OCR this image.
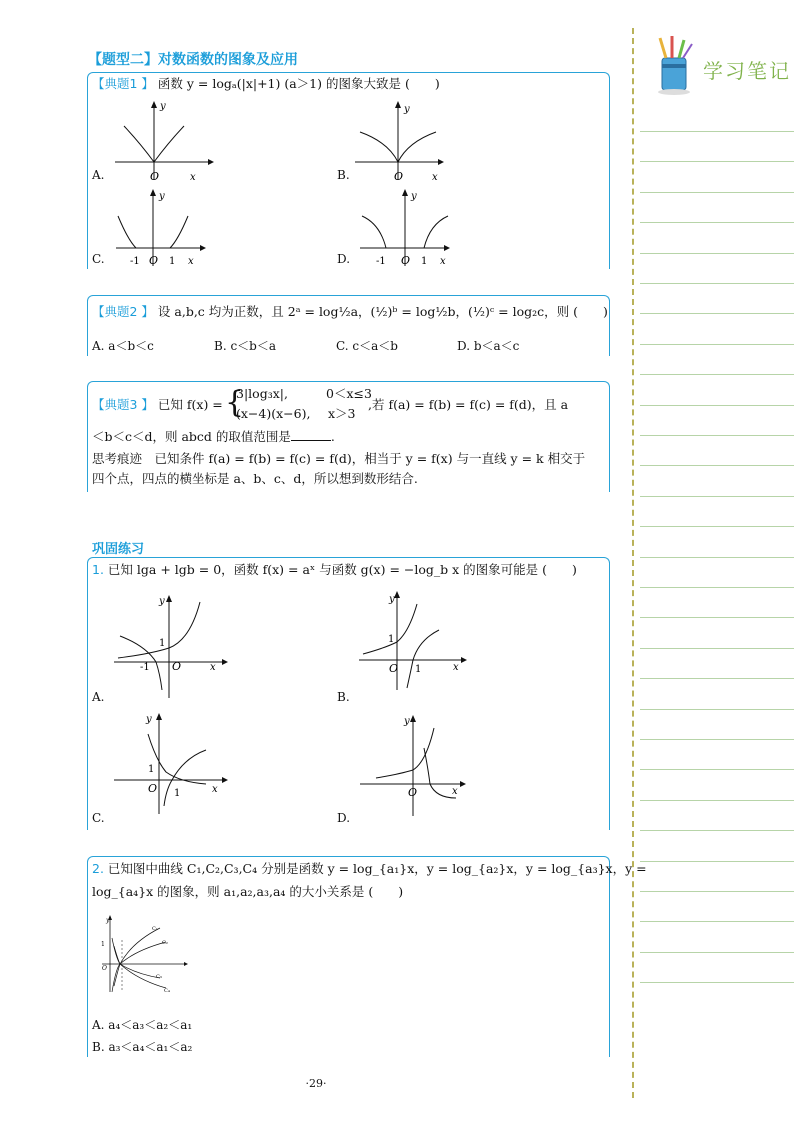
【题型二】对数函数的图象及应用
【典题1 】 函数 y = logₐ(|x|+1) (a＞1) 的图象大致是 (　　)
y
x
O
A.
y
x
O
B.
y
x
O
-1	1
C.
y
x
O
-1	1
D.
【典题2 】 设 a,b,c 均为正数，且 2ᵃ = log½a，(½)ᵇ = log½b，(½)ᶜ = log₂c，则 (　　)
A. a＜b＜c	B. c＜b＜a	C. c＜a＜b	D. b＜a＜c
【典题3 】 已知 f(x) = {
3|log₃x|,	0＜x≤3
(x−4)(x−6), x＞3
,若 f(a) = f(b) = f(c) = f(d)，且 a
＜b＜c＜d，则 abcd 的取值范围是	.
思考痕迹　已知条件 f(a) = f(b) = f(c) = f(d)，相当于 y = f(x) 与一直线 y = k 相交于
四个点，四点的横坐标是 a、b、c、d，所以想到数形结合.
巩固练习
1. 已知 lga + lgb = 0，函数 f(x) = aˣ 与函数 g(x) = −log_b x 的图象可能是 (　　)
y
x
O
1
-1
A.
y
x
O
1
1
B.
y
x
O
1
1
C.
y
x
O
D.
2. 已知图中曲线 C₁,C₂,C₃,C₄ 分别是函数 y = log_{a₁}x，y = log_{a₂}x，y = log_{a₃}x，y =
log_{a₄}x 的图象，则 a₁,a₂,a₃,a₄ 的大小关系是 (　　)
y
1
O
C₁
C₂
C₃
C₄
A. a₄＜a₃＜a₂＜a₁
B. a₃＜a₄＜a₁＜a₂
·29·
学习笔记
